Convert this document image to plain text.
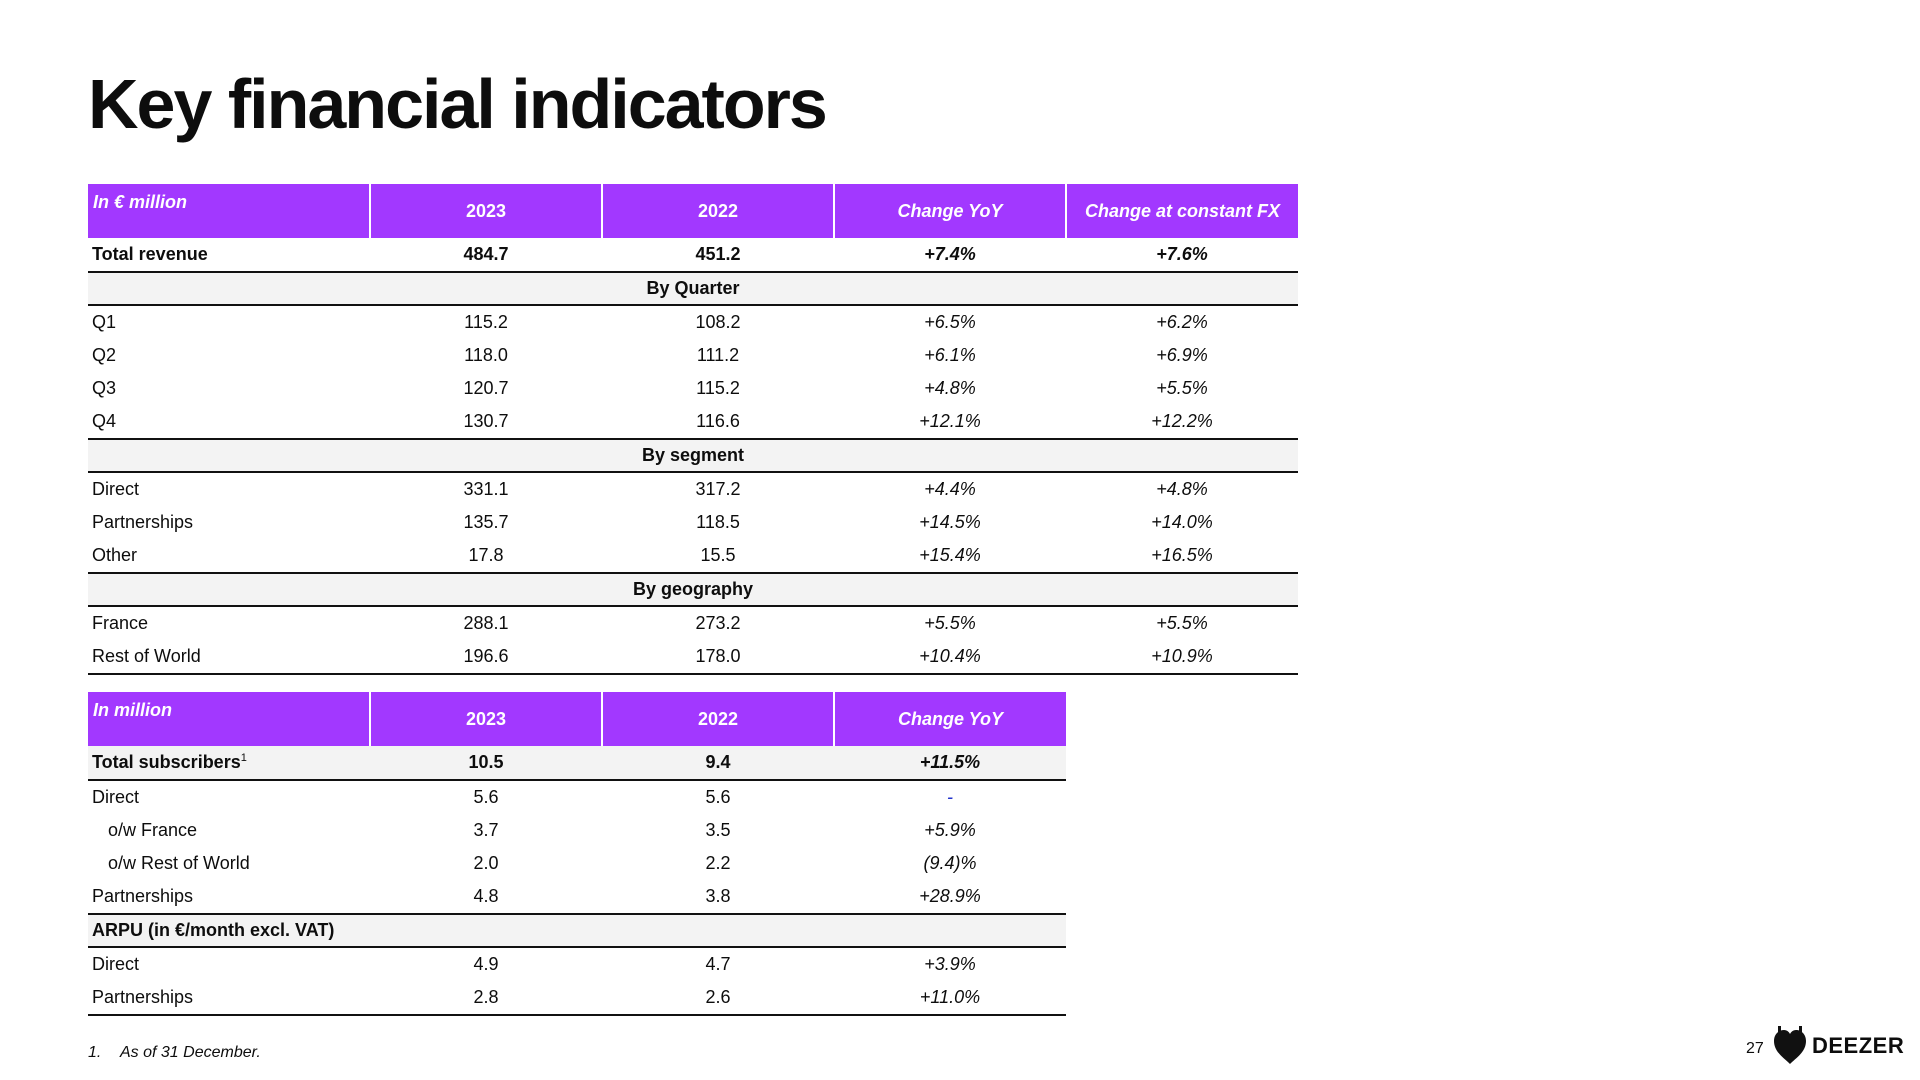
Key financial indicators
In € million	2023	2022	Change YoY	Change at constant FX
Total revenue	484.7	451.2	+7.4%	+7.6%
By Quarter				
Q1	115.2	108.2	+6.5%	+6.2%
Q2	118.0	111.2	+6.1%	+6.9%
Q3	120.7	115.2	+4.8%	+5.5%
Q4	130.7	116.6	+12.1%	+12.2%
By segment				
Direct	331.1	317.2	+4.4%	+4.8%
Partnerships	135.7	118.5	+14.5%	+14.0%
Other	17.8	15.5	+15.4%	+16.5%
By geography				
France	288.1	273.2	+5.5%	+5.5%
Rest of World	196.6	178.0	+10.4%	+10.9%
In million	2023	2022	Change YoY
Total subscribers$^1$	10.5	9.4	+11.5%
Direct	5.6	5.6	-
o/w France	3.7	3.5	+5.9%
o/w Rest of World	2.0	2.2	(9.4)%
Partnerships	4.8	3.8	+28.9%
ARPU (in €/month excl. VAT)			
Direct	4.9	4.7	+3.9%
Partnerships	2.8	2.6	+11.0%
1. As of 31 December.	27 DEEZER
